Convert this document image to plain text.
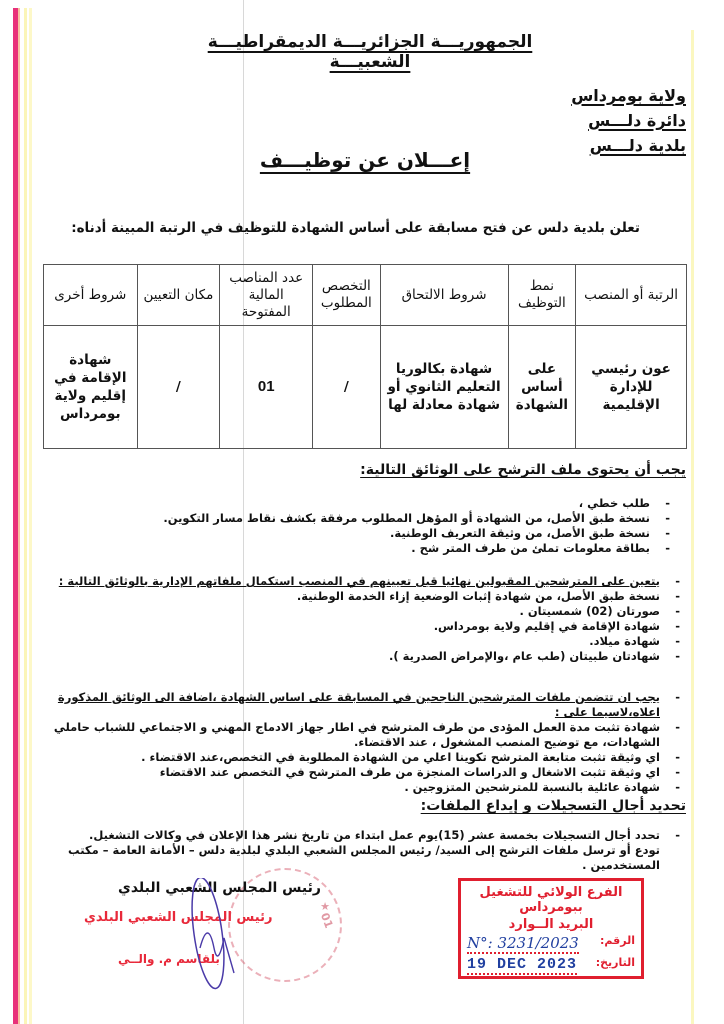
الجمهوريـــة الجزائريـــة الديمقراطيـــة الشعبيـــة
ولاية بومرداس
دائرة دلـــس
بلدية دلـــس
إعـــلان عن توظيـــف
تعلن بلدية دلس عن فتح مسابقة على أساس الشهادة للتوظيف في الرتبة المبينة أدناه:
الرتبة أو المنصب	نمط التوظيف	شروط الالتحاق	التخصص المطلوب	عدد المناصب المالية المفتوحة	مكان التعيين	شروط أخرى
عون رئيسي للإدارة الإقليمية	على أساس الشهادة	شهادة بكالوريا التعليم الثانوي أو شهادة معادلة لها	/	01	/	شهادة الإقامة في إقليم ولاية بومرداس
يجب أن يحتوى ملف الترشح على الوثائق التالية:
- طلب خطي ،
- نسخة طبق الأصل، من الشهادة أو المؤهل المطلوب مرفقة بكشف نقاط مسار التكوين.
- نسخة طبق الأصل، من وثيقة التعريف الوطنية.
- بطاقة معلومات تملئ من طرف المتر شح .
- يتعين على المترشحين المقبولين نهائيا قبل تعيينهم في المنصب استكمال ملفاتهم الإدارية بالوثائق التالية :
- نسخة طبق الأصل، من شهادة إثبات الوضعية إزاء الخدمة الوطنية.
- صورتان (02) شمسيتان .
- شهادة الإقامة في إقليم ولاية بومرداس.
- شهادة ميلاد.
- شهادتان طبيتان (طب عام ،والإمراض الصدرية ).
- يجب ان تتضمن ملفات المترشحين الناجحين في المسابقة على اساس الشهادة ،اضافة الى الوثائق المذكورة اعلاه،لاسيما على :
- شهادة تثبت مدة العمل المؤدى من طرف المترشح في اطار جهاز الادماج المهني و الاجتماعي للشباب حاملي الشهادات، مع توضيح المنصب المشغول ، عند الاقتضاء.
- اي وثيقة تثبت متابعة المترشح تكوينا اعلي من الشهادة المطلوبة في التخصص،عند الاقتضاء .
- اي وثيقة تثبت الاشغال و الدراسات المنجزة من طرف المترشح في التخصص عند الاقتضاء
- شهادة عائلية بالنسبة للمترشحين المتزوجين .
تحديد أجال التسجيلات و إيداع الملفات:
- تحدد أجال التسجيلات بخمسة عشر (15)يوم عمل ابتداء من تاريخ نشر هذا الإعلان في وكالات التشغيل.
تودع أو ترسل ملفات الترشح إلى السيد/ رئيس المجلس الشعبي البلدي لبلدية دلس – الأمانة العامة – مكتب المستخدمين .
★
01
رئيس المجلس الشعبي البلدي
رئيس المجلس الشعبي البلدي
بلقاسم م. والــي
الفرع الولائي للتشغيل ببومرداس
البريد الــوارد
الرقم:
N°: 3231/2023
التاريخ:
19 DEC 2023
